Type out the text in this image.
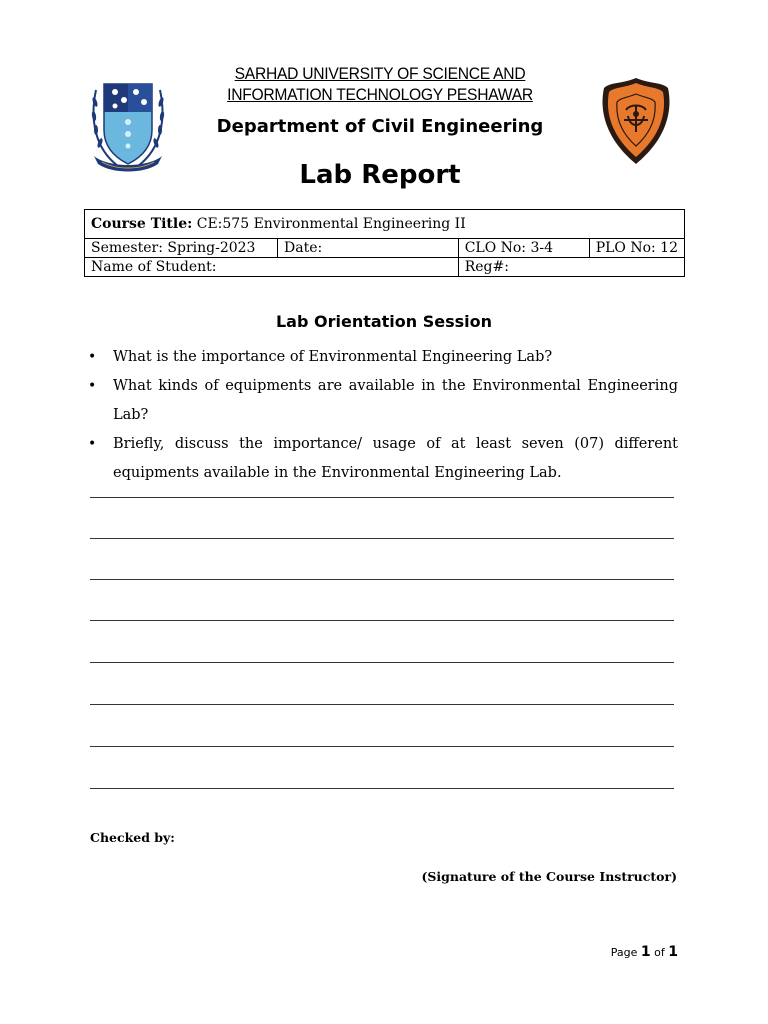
SARHAD UNIVERSITY OF SCIENCE AND
INFORMATION TECHNOLOGY PESHAWAR
Department of Civil Engineering
Lab Report
Course Title: CE:575 Environmental Engineering II			
Semester: Spring-2023	Date:	CLO No: 3-4	PLO No: 12
Name of Student:		Reg#:	
Lab Orientation Session
• What is the importance of Environmental Engineering Lab?
• What kinds of equipments are available in the Environmental Engineering Lab?
• Briefly, discuss the importance/ usage of at least seven (07) different equipments available in the Environmental Engineering Lab.
Checked by:
(Signature of the Course Instructor)
Page 1 of 1
